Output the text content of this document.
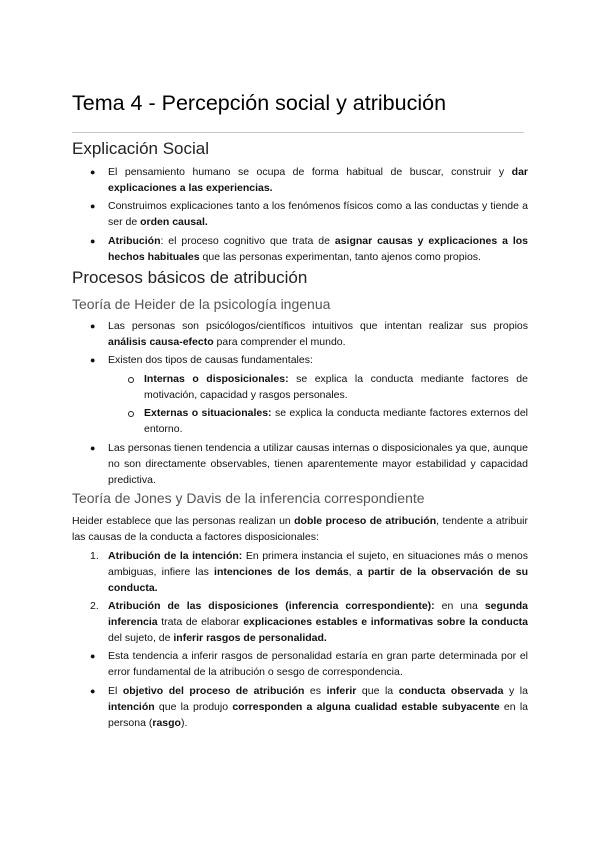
Tema 4 - Percepción social y atribución
Explicación Social
● El pensamiento humano se ocupa de forma habitual de buscar, construir y dar explicaciones a las experiencias.

● Construimos explicaciones tanto a los fenómenos físicos como a las conductas y tiende a ser de orden causal.

● Atribución: el proceso cognitivo que trata de asignar causas y explicaciones a los hechos habituales que las personas experimentan, tanto ajenos como propios.

Procesos básicos de atribución
Teoría de Heider de la psicología ingenua
● Las personas son psicólogos/científicos intuitivos que intentan realizar sus propios análisis causa-efecto para comprender el mundo.

● Existen dos tipos de causas fundamentales:

Internas o disposicionales: se explica la conducta mediante factores de motivación, capacidad y rasgos personales.

Externas o situacionales: se explica la conducta mediante factores externos del entorno.

● Las personas tienen tendencia a utilizar causas internas o disposicionales ya que, aunque no son directamente observables, tienen aparentemente mayor estabilidad y capacidad predictiva.

Teoría de Jones y Davis de la inferencia correspondiente

Heider establece que las personas realizan un doble proceso de atribución, tendente a atribuir las causas de la conducta a factores disposicionales:

1. Atribución de la intención: En primera instancia el sujeto, en situaciones más o menos ambiguas, infiere las intenciones de los demás, a partir de la observación de su conducta.

2. Atribución de las disposiciones (inferencia correspondiente): en una segunda inferencia trata de elaborar explicaciones estables e informativas sobre la conducta del sujeto, de inferir rasgos de personalidad.

● Esta tendencia a inferir rasgos de personalidad estaría en gran parte determinada por el error fundamental de la atribución o sesgo de correspondencia.

● El objetivo del proceso de atribución es inferir que la conducta observada y la intención que la produjo corresponden a alguna cualidad estable subyacente en la persona (rasgo).
